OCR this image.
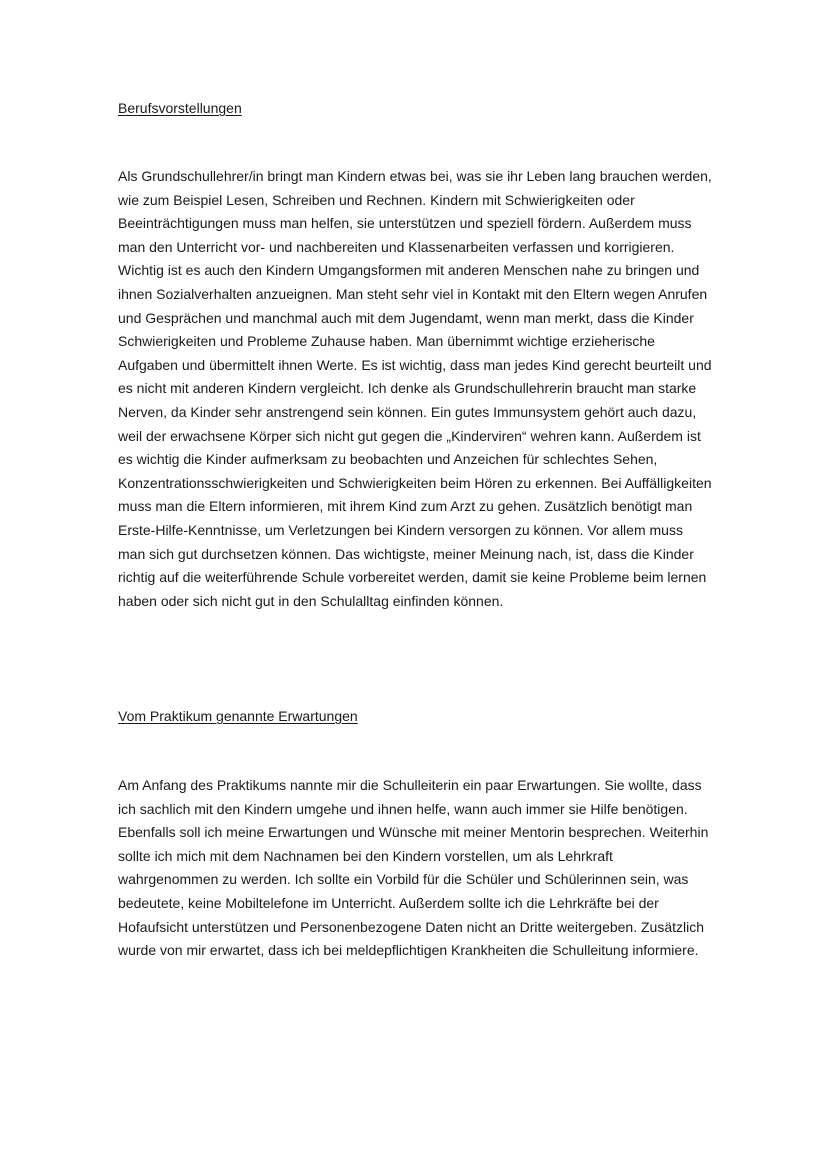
Berufsvorstellungen
Als Grundschullehrer/in bringt man Kindern etwas bei, was sie ihr Leben lang brauchen werden,
wie zum Beispiel Lesen, Schreiben und Rechnen. Kindern mit Schwierigkeiten oder
Beeinträchtigungen muss man helfen, sie unterstützen und speziell fördern. Außerdem muss
man den Unterricht vor- und nachbereiten und Klassenarbeiten verfassen und korrigieren.
Wichtig ist es auch den Kindern Umgangsformen mit anderen Menschen nahe zu bringen und
ihnen Sozialverhalten anzueignen. Man steht sehr viel in Kontakt mit den Eltern wegen Anrufen
und Gesprächen und manchmal auch mit dem Jugendamt, wenn man merkt, dass die Kinder
Schwierigkeiten und Probleme Zuhause haben. Man übernimmt wichtige erzieherische
Aufgaben und übermittelt ihnen Werte. Es ist wichtig, dass man jedes Kind gerecht beurteilt und
es nicht mit anderen Kindern vergleicht. Ich denke als Grundschullehrerin braucht man starke
Nerven, da Kinder sehr anstrengend sein können. Ein gutes Immunsystem gehört auch dazu,
weil der erwachsene Körper sich nicht gut gegen die „Kinderviren“ wehren kann. Außerdem ist
es wichtig die Kinder aufmerksam zu beobachten und Anzeichen für schlechtes Sehen,
Konzentrationsschwierigkeiten und Schwierigkeiten beim Hören zu erkennen. Bei Auffälligkeiten
muss man die Eltern informieren, mit ihrem Kind zum Arzt zu gehen. Zusätzlich benötigt man
Erste-Hilfe-Kenntnisse, um Verletzungen bei Kindern versorgen zu können. Vor allem muss
man sich gut durchsetzen können. Das wichtigste, meiner Meinung nach, ist, dass die Kinder
richtig auf die weiterführende Schule vorbereitet werden, damit sie keine Probleme beim lernen
haben oder sich nicht gut in den Schulalltag einfinden können.
Vom Praktikum genannte Erwartungen
Am Anfang des Praktikums nannte mir die Schulleiterin ein paar Erwartungen. Sie wollte, dass
ich sachlich mit den Kindern umgehe und ihnen helfe, wann auch immer sie Hilfe benötigen.
Ebenfalls soll ich meine Erwartungen und Wünsche mit meiner Mentorin besprechen. Weiterhin
sollte ich mich mit dem Nachnamen bei den Kindern vorstellen, um als Lehrkraft
wahrgenommen zu werden. Ich sollte ein Vorbild für die Schüler und Schülerinnen sein, was
bedeutete, keine Mobiltelefone im Unterricht. Außerdem sollte ich die Lehrkräfte bei der
Hofaufsicht unterstützen und Personenbezogene Daten nicht an Dritte weitergeben. Zusätzlich
wurde von mir erwartet, dass ich bei meldepflichtigen Krankheiten die Schulleitung informiere.
